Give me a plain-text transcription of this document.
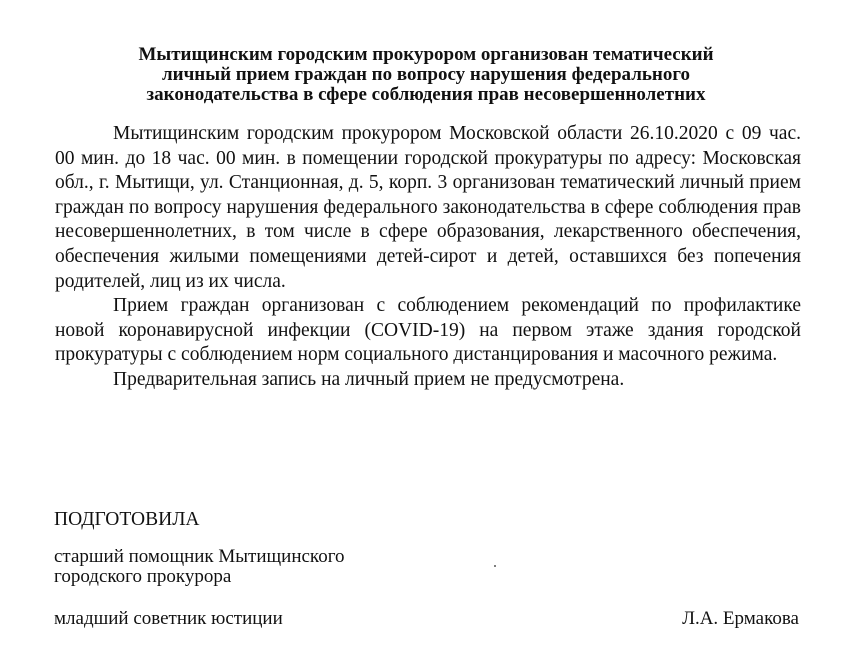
Мытищинским городским прокурором организован тематический
личный прием граждан по вопросу нарушения федерального
законодательства в сфере соблюдения прав несовершеннолетних

Мытищинским городским прокурором Московской области 26.10.2020 с 09 час. 00 мин. до 18 час. 00 мин. в помещении городской прокуратуры по адресу: Московская обл., г. Мытищи, ул. Станционная, д. 5, корп. 3 организован тематический личный прием граждан по вопросу нарушения федерального законодательства в сфере соблюдения прав несовершеннолетних, в том числе в сфере образования, лекарственного обеспечения, обеспечения жилыми помещениями детей-сирот и детей, оставшихся без попечения родителей, лиц из их числа.

Прием граждан организован с соблюдением рекомендаций по профилактике новой коронавирусной инфекции (COVID-19) на первом этаже здания городской прокуратуры с соблюдением норм социального дистанцирования и масочного режима.

Предварительная запись на личный прием не предусмотрена.

ПОДГОТОВИЛА
старший помощник Мытищинского
городского прокурора
младший советник юстиции	Л.А. Ермакова
